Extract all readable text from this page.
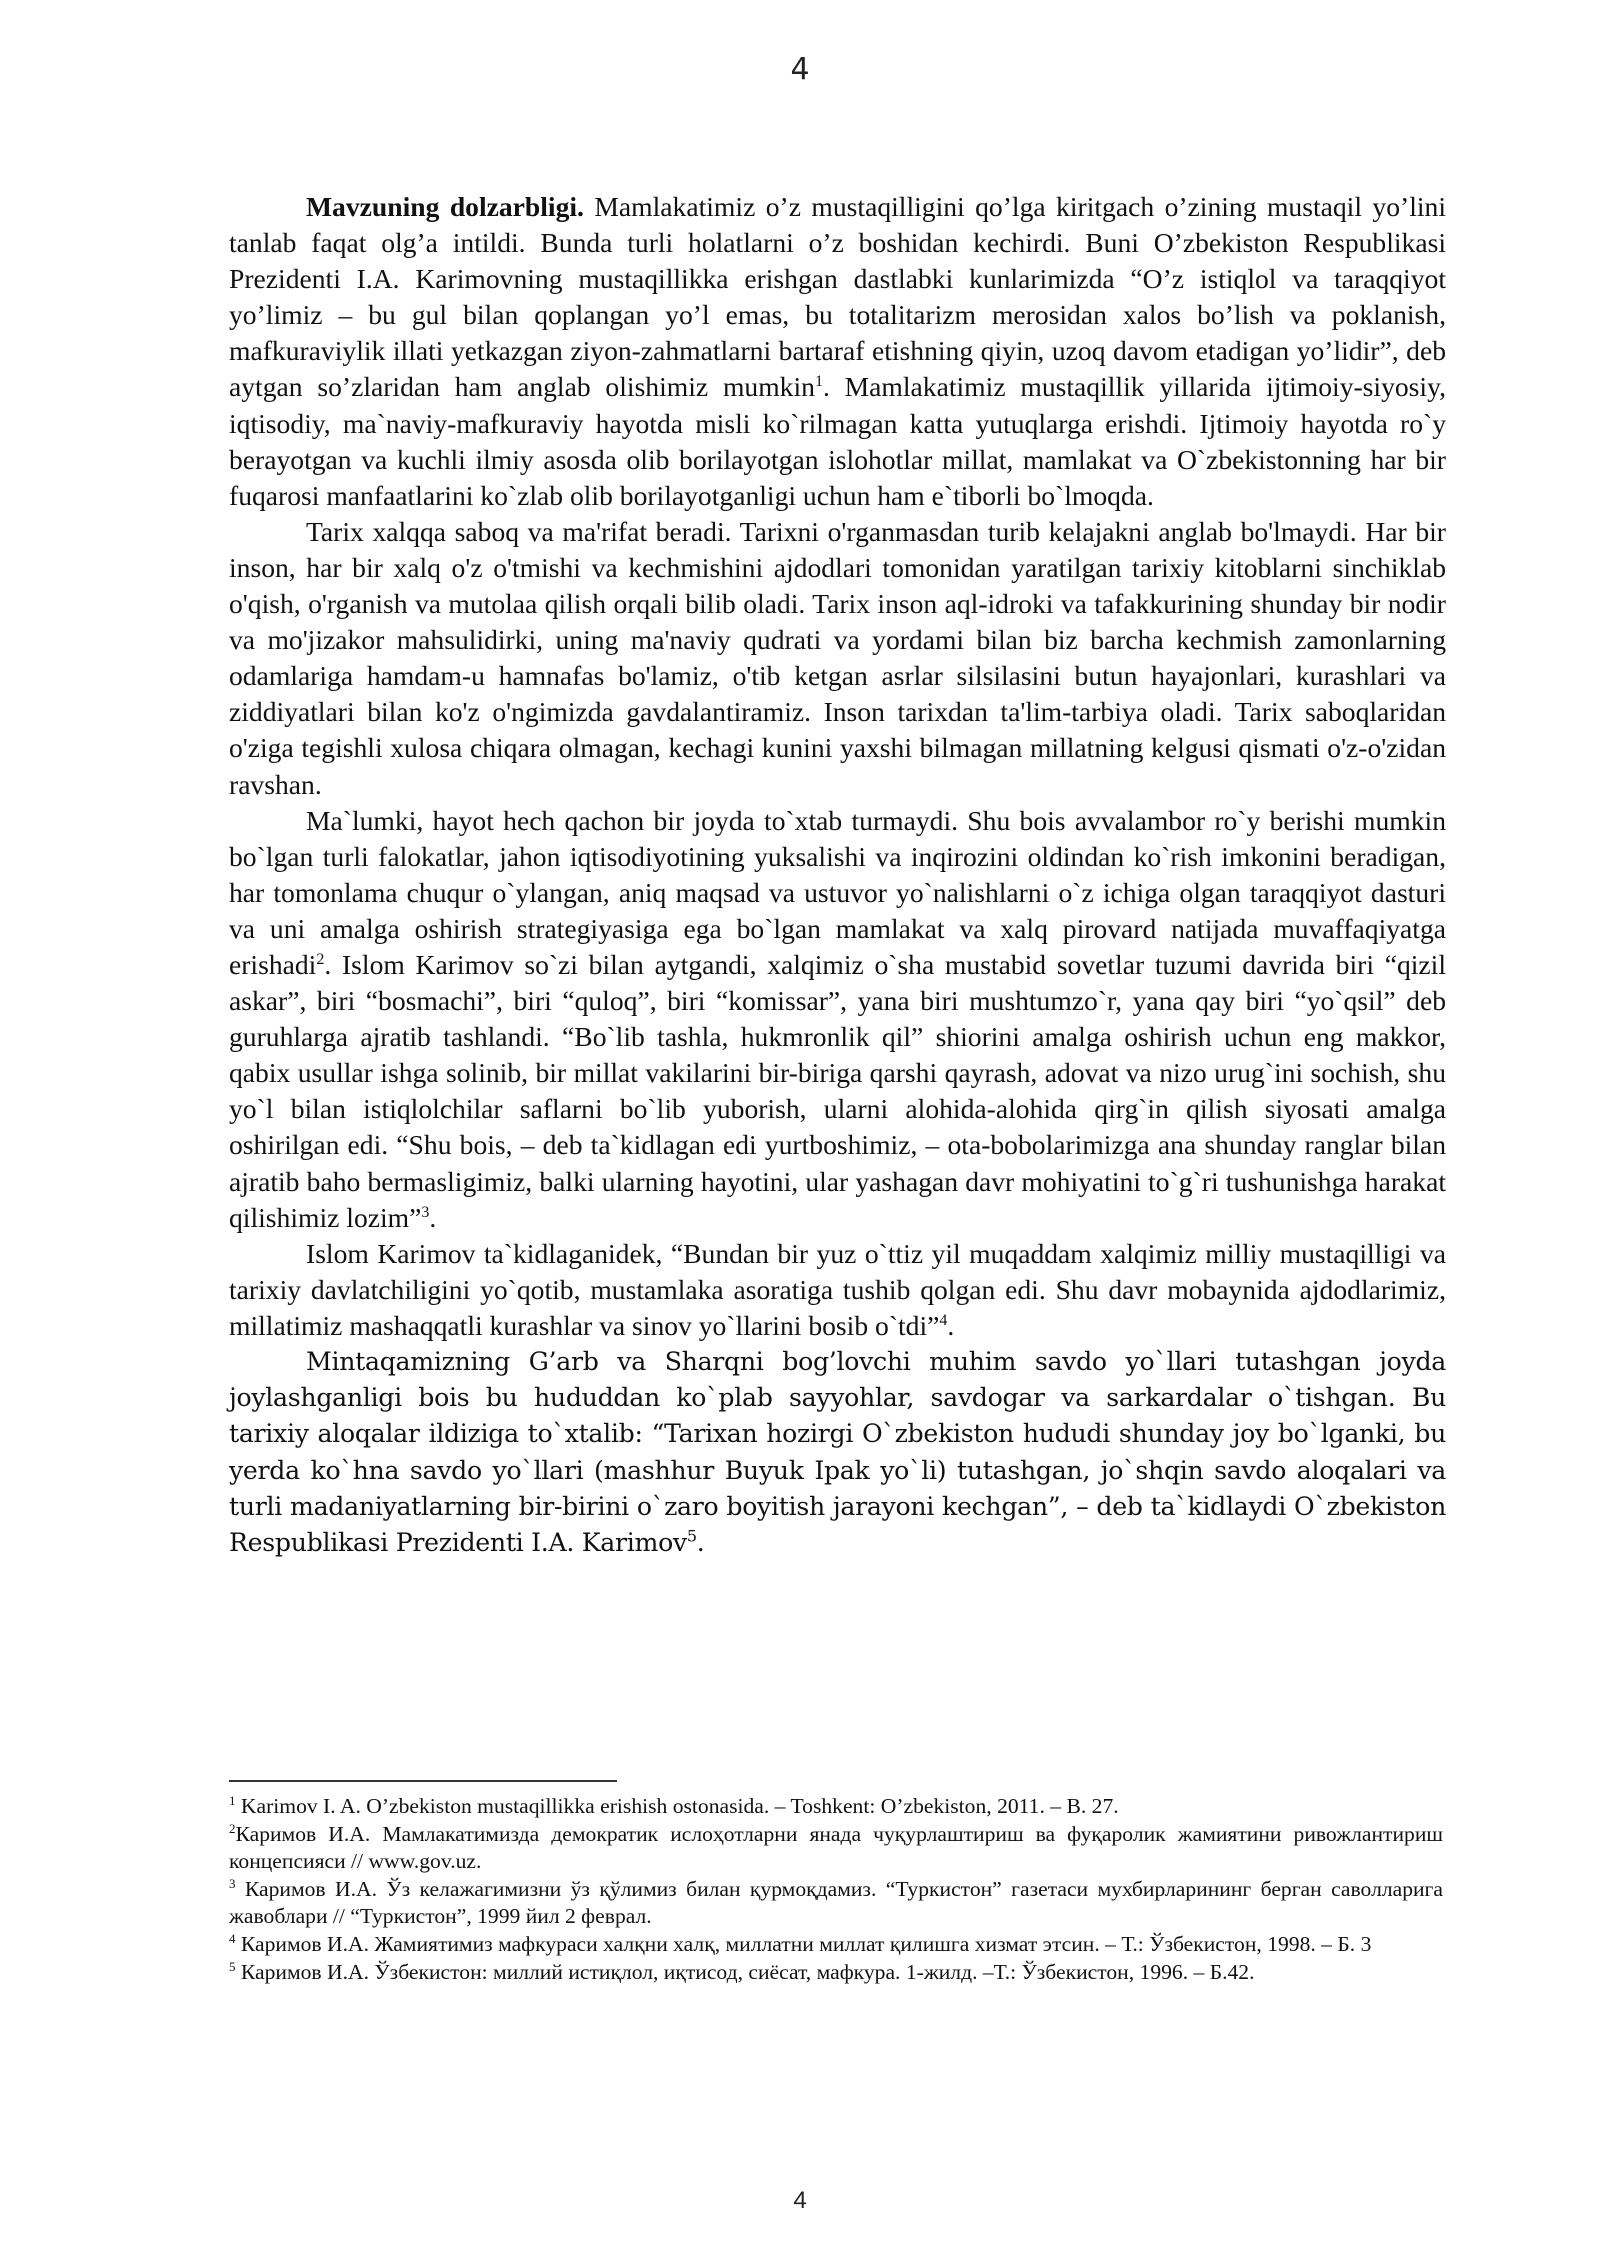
4

Mavzuning dolzarbligi. Mamlakatimiz o’z mustaqilligini qo’lga kiritgach o’zining mustaqil yo’lini tanlab faqat olg’a intildi. Bunda turli holatlarni o’z boshidan kechirdi. Buni O’zbekiston Respublikasi Prezidenti I.A. Karimovning mustaqillikka erishgan dastlabki kunlarimizda “O’z istiqlol va taraqqiyot yo’limiz – bu gul bilan qoplangan yo’l emas, bu totalitarizm merosidan xalos bo’lish va poklanish, mafkuraviylik illati yetkazgan ziyon-zahmatlarni bartaraf etishning qiyin, uzoq davom etadigan yo’lidir”, deb aytgan so’zlaridan ham anglab olishimiz mumkin$^1$. Mamlakatimiz mustaqillik yillarida ijtimoiy-siyosiy, iqtisodiy, ma`naviy-mafkuraviy hayotda misli ko`rilmagan katta yutuqlarga erishdi. Ijtimoiy hayotda ro`y berayotgan va kuchli ilmiy asosda olib borilayotgan islohotlar millat, mamlakat va O`zbekistonning har bir fuqarosi manfaatlarini ko`zlab olib borilayotganligi uchun ham e`tiborli bo`lmoqda.

Tarix xalqqa saboq va ma'rifat beradi. Tarixni o'rganmasdan turib kelajakni anglab bo'lmaydi. Har bir inson, har bir xalq o'z o'tmishi va kechmishini ajdodlari tomonidan yaratilgan tarixiy kitoblarni sinchiklab o'qish, o'rganish va mutolaa qilish orqali bilib oladi. Tarix inson aql-idroki va tafakkurining shunday bir nodir va mo'jizakor mahsulidirki, uning ma'naviy qudrati va yordami bilan biz barcha kechmish zamonlarning odamlariga hamdam-u hamnafas bo'lamiz, o'tib ketgan asrlar silsilasini butun hayajonlari, kurashlari va ziddiyatlari bilan ko'z o'ngimizda gavdalantiramiz. Inson tarixdan ta'lim-tarbiya oladi. Tarix saboqlaridan o'ziga tegishli xulosa chiqara olmagan, kechagi kunini yaxshi bilmagan millatning kelgusi qismati o'z-o'zidan ravshan.

Ma`lumki, hayot hech qachon bir joyda to`xtab turmaydi. Shu bois avvalambor ro`y berishi mumkin bo`lgan turli falokatlar, jahon iqtisodiyotining yuksalishi va inqirozini oldindan ko`rish imkonini beradigan, har tomonlama chuqur o`ylangan, aniq maqsad va ustuvor yo`nalishlarni o`z ichiga olgan taraqqiyot dasturi va uni amalga oshirish strategiyasiga ega bo`lgan mamlakat va xalq pirovard natijada muvaffaqiyatga erishadi$^2$. Islom Karimov so`zi bilan aytgandi, xalqimiz o`sha mustabid sovetlar tuzumi davrida biri “qizil askar”, biri “bosmachi”, biri “quloq”, biri “komissar”, yana biri mushtumzo`r, yana qay biri “yo`qsil” deb guruhlarga ajratib tashlandi. “Bo`lib tashla, hukmronlik qil” shiorini amalga oshirish uchun eng makkor, qabix usullar ishga solinib, bir millat vakilarini bir-biriga qarshi qayrash, adovat va nizo urug`ini sochish, shu yo`l bilan istiqlolchilar saflarni bo`lib yuborish, ularni alohida-alohida qirg`in qilish siyosati amalga oshirilgan edi. “Shu bois, – deb ta`kidlagan edi yurtboshimiz, – ota-bobolarimizga ana shunday ranglar bilan ajratib baho bermasligimiz, balki ularning hayotini, ular yashagan davr mohiyatini to`g`ri tushunishga harakat qilishimiz lozim”$^3$.

Islom Karimov ta`kidlaganidek, “Bundan bir yuz o`ttiz yil muqaddam xalqimiz milliy mustaqilligi va tarixiy davlatchiligini yo`qotib, mustamlaka asoratiga tushib qolgan edi. Shu davr mobaynida ajdodlarimiz, millatimiz mashaqqatli kurashlar va sinov yo`llarini bosib o`tdi”$^4$.

Mintaqamizning G’arb va Sharqni bog’lovchi muhim savdo yo`llari tutashgan joyda joylashganligi bois bu hududdan ko`plab sayyohlar, savdogar va sarkardalar o`tishgan. Bu tarixiy aloqalar ildiziga to`xtalib: “Tarixan hozirgi O`zbekiston hududi shunday joy bo`lganki, bu yerda ko`hna savdo yo`llari (mashhur Buyuk Ipak yo`li) tutashgan, jo`shqin savdo aloqalari va turli madaniyatlarning bir-birini o`zaro boyitish jarayoni kechgan”, – deb ta`kidlaydi O`zbekiston Respublikasi Prezidenti I.A. Karimov$^5$.

$^1$ Karimov I. A. O’zbekiston mustaqillikka erishish ostonasida. – Toshkent: O’zbekiston, 2011. – B. 27.

$^2$Каримов И.А. Мамлакатимизда демократик ислоҳотларни янада чуқурлаштириш ва фуқаролик жамиятини ривожлантириш концепсияси // www.gov.uz.

$^3$ Каримов И.А. Ўз келажагимизни ўз қўлимиз билан қурмоқдамиз. “Туркистон” газетаси мухбирларининг берган саволларига жавоблари // “Туркистон”, 1999 йил 2 феврал.

$^4$ Каримов И.А. Жамиятимиз мафкураси халқни халқ, миллатни миллат қилишга хизмат этсин. – Т.: Ўзбекистон, 1998. – Б. 3

$^5$ Каримов И.А. Ўзбекистон: миллий истиқлол, иқтисод, сиёсат, мафкура. 1-жилд. –Т.: Ўзбекистон, 1996. – Б.42.

4
